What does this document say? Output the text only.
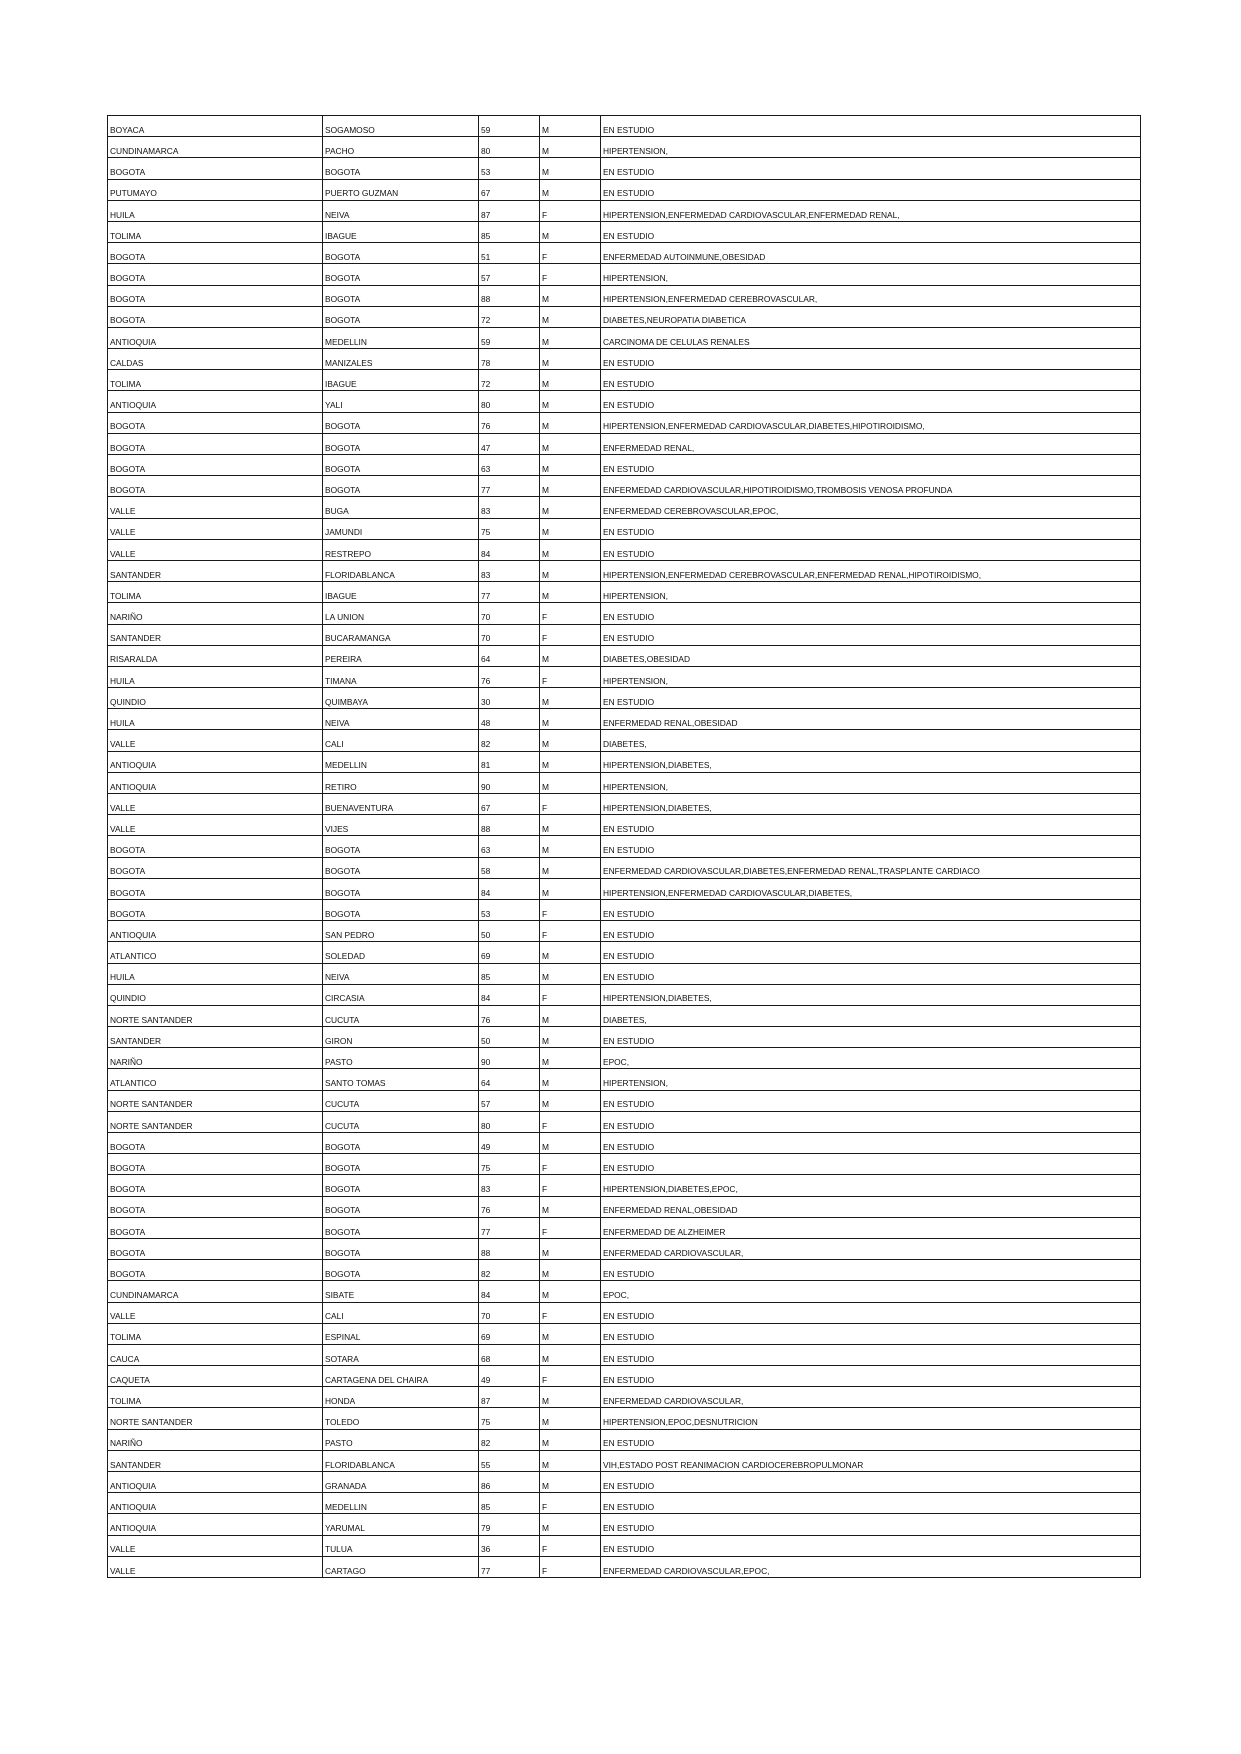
BOYACA	SOGAMOSO	59	M	EN ESTUDIO
CUNDINAMARCA	PACHO	80	M	HIPERTENSION,
BOGOTA	BOGOTA	53	M	EN ESTUDIO
PUTUMAYO	PUERTO GUZMAN	67	M	EN ESTUDIO
HUILA	NEIVA	87	F	HIPERTENSION,ENFERMEDAD CARDIOVASCULAR,ENFERMEDAD RENAL,
TOLIMA	IBAGUE	85	M	EN ESTUDIO
BOGOTA	BOGOTA	51	F	ENFERMEDAD AUTOINMUNE,OBESIDAD
BOGOTA	BOGOTA	57	F	HIPERTENSION,
BOGOTA	BOGOTA	88	M	HIPERTENSION,ENFERMEDAD CEREBROVASCULAR,
BOGOTA	BOGOTA	72	M	DIABETES,NEUROPATIA DIABETICA
ANTIOQUIA	MEDELLIN	59	M	CARCINOMA DE CELULAS RENALES
CALDAS	MANIZALES	78	M	EN ESTUDIO
TOLIMA	IBAGUE	72	M	EN ESTUDIO
ANTIOQUIA	YALI	80	M	EN ESTUDIO
BOGOTA	BOGOTA	76	M	HIPERTENSION,ENFERMEDAD CARDIOVASCULAR,DIABETES,HIPOTIROIDISMO,
BOGOTA	BOGOTA	47	M	ENFERMEDAD RENAL,
BOGOTA	BOGOTA	63	M	EN ESTUDIO
BOGOTA	BOGOTA	77	M	ENFERMEDAD CARDIOVASCULAR,HIPOTIROIDISMO,TROMBOSIS VENOSA PROFUNDA
VALLE	BUGA	83	M	ENFERMEDAD CEREBROVASCULAR,EPOC,
VALLE	JAMUNDI	75	M	EN ESTUDIO
VALLE	RESTREPO	84	M	EN ESTUDIO
SANTANDER	FLORIDABLANCA	83	M	HIPERTENSION,ENFERMEDAD CEREBROVASCULAR,ENFERMEDAD RENAL,HIPOTIROIDISMO,
TOLIMA	IBAGUE	77	M	HIPERTENSION,
NARIÑO	LA UNION	70	F	EN ESTUDIO
SANTANDER	BUCARAMANGA	70	F	EN ESTUDIO
RISARALDA	PEREIRA	64	M	DIABETES,OBESIDAD
HUILA	TIMANA	76	F	HIPERTENSION,
QUINDIO	QUIMBAYA	30	M	EN ESTUDIO
HUILA	NEIVA	48	M	ENFERMEDAD RENAL,OBESIDAD
VALLE	CALI	82	M	DIABETES,
ANTIOQUIA	MEDELLIN	81	M	HIPERTENSION,DIABETES,
ANTIOQUIA	RETIRO	90	M	HIPERTENSION,
VALLE	BUENAVENTURA	67	F	HIPERTENSION,DIABETES,
VALLE	VIJES	88	M	EN ESTUDIO
BOGOTA	BOGOTA	63	M	EN ESTUDIO
BOGOTA	BOGOTA	58	M	ENFERMEDAD CARDIOVASCULAR,DIABETES,ENFERMEDAD RENAL,TRASPLANTE CARDIACO
BOGOTA	BOGOTA	84	M	HIPERTENSION,ENFERMEDAD CARDIOVASCULAR,DIABETES,
BOGOTA	BOGOTA	53	F	EN ESTUDIO
ANTIOQUIA	SAN PEDRO	50	F	EN ESTUDIO
ATLANTICO	SOLEDAD	69	M	EN ESTUDIO
HUILA	NEIVA	85	M	EN ESTUDIO
QUINDIO	CIRCASIA	84	F	HIPERTENSION,DIABETES,
NORTE SANTANDER	CUCUTA	76	M	DIABETES,
SANTANDER	GIRON	50	M	EN ESTUDIO
NARIÑO	PASTO	90	M	EPOC,
ATLANTICO	SANTO TOMAS	64	M	HIPERTENSION,
NORTE SANTANDER	CUCUTA	57	M	EN ESTUDIO
NORTE SANTANDER	CUCUTA	80	F	EN ESTUDIO
BOGOTA	BOGOTA	49	M	EN ESTUDIO
BOGOTA	BOGOTA	75	F	EN ESTUDIO
BOGOTA	BOGOTA	83	F	HIPERTENSION,DIABETES,EPOC,
BOGOTA	BOGOTA	76	M	ENFERMEDAD RENAL,OBESIDAD
BOGOTA	BOGOTA	77	F	ENFERMEDAD DE ALZHEIMER
BOGOTA	BOGOTA	88	M	ENFERMEDAD CARDIOVASCULAR,
BOGOTA	BOGOTA	82	M	EN ESTUDIO
CUNDINAMARCA	SIBATE	84	M	EPOC,
VALLE	CALI	70	F	EN ESTUDIO
TOLIMA	ESPINAL	69	M	EN ESTUDIO
CAUCA	SOTARA	68	M	EN ESTUDIO
CAQUETA	CARTAGENA DEL CHAIRA	49	F	EN ESTUDIO
TOLIMA	HONDA	87	M	ENFERMEDAD CARDIOVASCULAR,
NORTE SANTANDER	TOLEDO	75	M	HIPERTENSION,EPOC,DESNUTRICION
NARIÑO	PASTO	82	M	EN ESTUDIO
SANTANDER	FLORIDABLANCA	55	M	VIH,ESTADO POST REANIMACION CARDIOCEREBROPULMONAR
ANTIOQUIA	GRANADA	86	M	EN ESTUDIO
ANTIOQUIA	MEDELLIN	85	F	EN ESTUDIO
ANTIOQUIA	YARUMAL	79	M	EN ESTUDIO
VALLE	TULUA	36	F	EN ESTUDIO
VALLE	CARTAGO	77	F	ENFERMEDAD CARDIOVASCULAR,EPOC,
